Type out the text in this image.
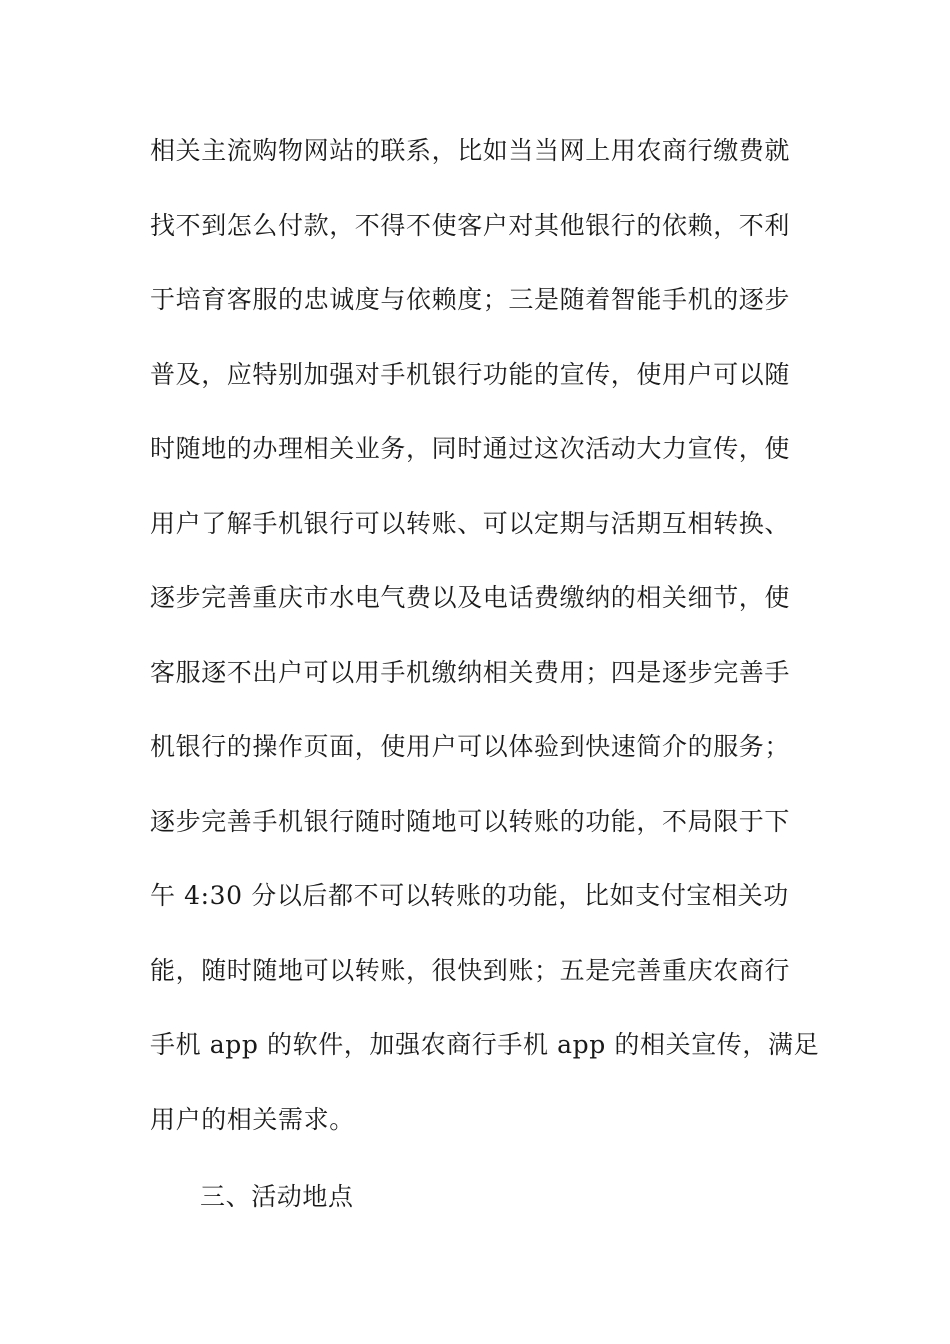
相关主流购物网站的联系，比如当当网上用农商行缴费就
找不到怎么付款，不得不使客户对其他银行的依赖，不利
于培育客服的忠诚度与依赖度；三是随着智能手机的逐步
普及，应特别加强对手机银行功能的宣传，使用户可以随
时随地的办理相关业务，同时通过这次活动大力宣传，使
用户了解手机银行可以转账、可以定期与活期互相转换、
逐步完善重庆市水电气费以及电话费缴纳的相关细节，使
客服逐不出户可以用手机缴纳相关费用；四是逐步完善手
机银行的操作页面，使用户可以体验到快速简介的服务；
逐步完善手机银行随时随地可以转账的功能，不局限于下
午 4:30 分以后都不可以转账的功能，比如支付宝相关功
能，随时随地可以转账，很快到账；五是完善重庆农商行
手机 app 的软件，加强农商行手机 app 的相关宣传，满足
用户的相关需求。
三、活动地点
